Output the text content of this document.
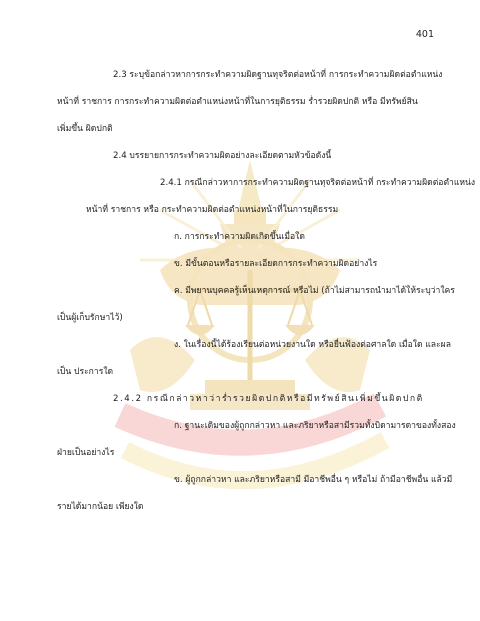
401
2.3 ระบุข้อกล่าวหาการกระทำความผิดฐานทุจริตต่อหน้าที่ การกระทำความผิดต่อตำแหน่ง
หน้าที่ ราชการ การกระทำความผิดต่อตำแหน่งหน้าที่ในการยุติธรรม ร่ำรวยผิดปกติ หรือ มีทรัพย์สิน
เพิ่มขึ้น ผิดปกติ
2.4 บรรยายการกระทำความผิดอย่างละเอียดตามหัวข้อดังนี้
2.4.1 กรณีกล่าวหาการกระทำความผิดฐานทุจริตต่อหน้าที่ กระทำความผิดต่อตำแหน่ง
หน้าที่ ราชการ หรือ กระทำความผิดต่อตำแหน่งหน้าที่ในการยุติธรรม
ก. การกระทำความผิดเกิดขึ้นเมื่อใด
ข. มีขั้นตอนหรือรายละเอียดการกระทำความผิดอย่างไร
ค. มีพยานบุคคลรู้เห็นเหตุการณ์ หรือไม่ (ถ้าไม่สามารถนำมาได้ให้ระบุว่าใคร
เป็นผู้เก็บรักษาไว้)
ง. ในเรื่องนี้ได้ร้องเรียนต่อหน่วยงานใด หรือยื่นฟ้องต่อศาลใด เมื่อใด และผล
เป็น ประการใด
2.4.2 กรณีกล่าวหาว่าร่ำรวยผิดปกติหรือมีทรัพย์สินเพิ่มขึ้นผิดปกติ
ก. ฐานะเดิมของผู้ถูกกล่าวหา และภริยาหรือสามีรวมทั้งบิดามารดาของทั้งสอง
ฝ่ายเป็นอย่างไร
ข. ผู้ถูกกล่าวหา และภริยาหรือสามี มีอาชีพอื่น ๆ หรือไม่ ถ้ามีอาชีพอื่น แล้วมี
รายได้มากน้อย เพียงใด
